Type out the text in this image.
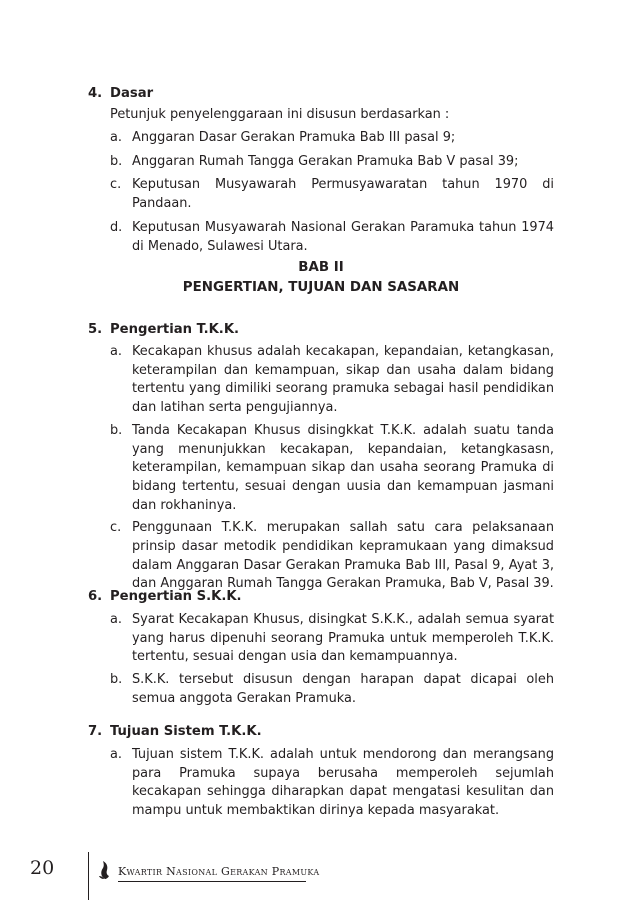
4. Dasar
Petunjuk penyelenggaraan ini disusun berdasarkan :
a. Anggaran Dasar Gerakan Pramuka Bab III pasal 9;
b. Anggaran Rumah Tangga Gerakan Pramuka Bab V pasal 39;
c. Keputusan Musyawarah Permusyawaratan tahun 1970 di Pandaan.
d. Keputusan Musyawarah Nasional Gerakan Paramuka tahun 1974 di Menado, Sulawesi Utara.
BAB II
PENGERTIAN, TUJUAN DAN SASARAN
5. Pengertian T.K.K.
a. Kecakapan khusus adalah kecakapan, kepandaian, ketangkasan, keterampilan dan kemampuan, sikap dan usaha dalam bidang tertentu yang dimiliki seorang pramuka sebagai hasil pendidikan dan latihan serta pengujiannya.
b. Tanda Kecakapan Khusus disingkkat T.K.K. adalah suatu tanda yang menunjukkan kecakapan, kepandaian, ketangkasasn, keterampilan, kemampuan sikap dan usaha seorang Pramuka di bidang tertentu, sesuai dengan uusia dan kemampuan jasmani dan rokhaninya.
c. Penggunaan T.K.K. merupakan sallah satu cara pelaksanaan prinsip dasar metodik pendidikan kepramukaan yang dimaksud dalam Anggaran Dasar Gerakan Pramuka Bab III, Pasal 9, Ayat 3, dan Anggaran Rumah Tangga Gerakan Pramuka, Bab V, Pasal 39.
6. Pengertian S.K.K.
a. Syarat Kecakapan Khusus, disingkat S.K.K., adalah semua syarat yang harus dipenuhi seorang Pramuka untuk memperoleh T.K.K. tertentu, sesuai dengan usia dan kemampuannya.
b. S.K.K. tersebut disusun dengan harapan dapat dicapai oleh semua anggota Gerakan Pramuka.
7. Tujuan Sistem T.K.K.
a. Tujuan sistem T.K.K. adalah untuk mendorong dan merangsang para Pramuka supaya berusaha memperoleh sejumlah kecakapan sehingga diharapkan dapat mengatasi kesulitan dan mampu untuk membaktikan dirinya kepada masyarakat.
20	Kwartir Nasional Gerakan Pramuka
